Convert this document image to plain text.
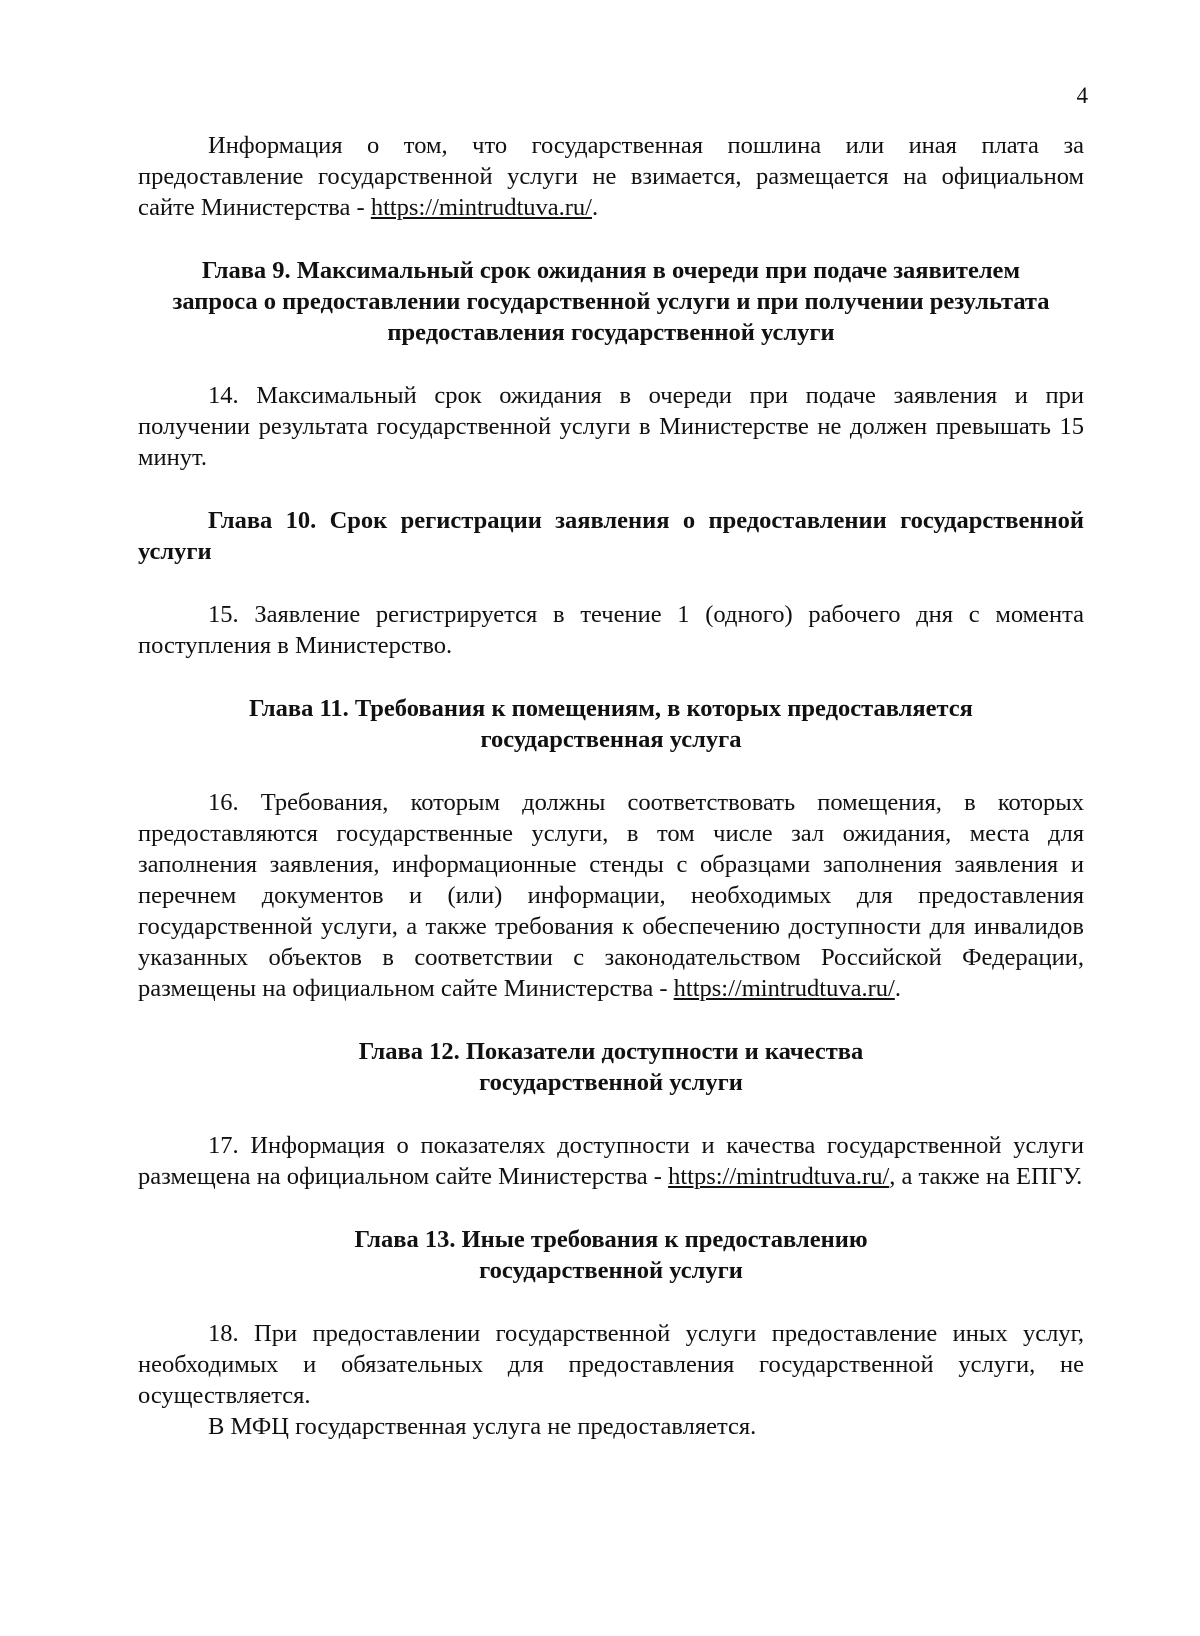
4

Информация о том, что государственная пошлина или иная плата за предоставление государственной услуги не взимается, размещается на официальном сайте Министерства - https://mintrudtuva.ru/.

Глава 9. Максимальный срок ожидания в очереди при подаче заявителем
запроса о предоставлении государственной услуги и при получении результата
предоставления государственной услуги

14. Максимальный срок ожидания в очереди при подаче заявления и при получении результата государственной услуги в Министерстве не должен превышать 15 минут.

Глава 10. Срок регистрации заявления о предоставлении государственной услуги

15. Заявление регистрируется в течение 1 (одного) рабочего дня с момента поступления в Министерство.

Глава 11. Требования к помещениям, в которых предоставляется
государственная услуга

16. Требования, которым должны соответствовать помещения, в которых предоставляются государственные услуги, в том числе зал ожидания, места для заполнения заявления, информационные стенды с образцами заполнения заявления и перечнем документов и (или) информации, необходимых для предоставления государственной услуги, а также требования к обеспечению доступности для инвалидов указанных объектов в соответствии с законодательством Российской Федерации, размещены на официальном сайте Министерства - https://mintrudtuva.ru/.

Глава 12. Показатели доступности и качества
государственной услуги

17. Информация о показателях доступности и качества государственной услуги размещена на официальном сайте Министерства - https://mintrudtuva.ru/, а также на ЕПГУ.

Глава 13. Иные требования к предоставлению
государственной услуги

18. При предоставлении государственной услуги предоставление иных услуг, необходимых и обязательных для предоставления государственной услуги, не осуществляется.

В МФЦ государственная услуга не предоставляется.
